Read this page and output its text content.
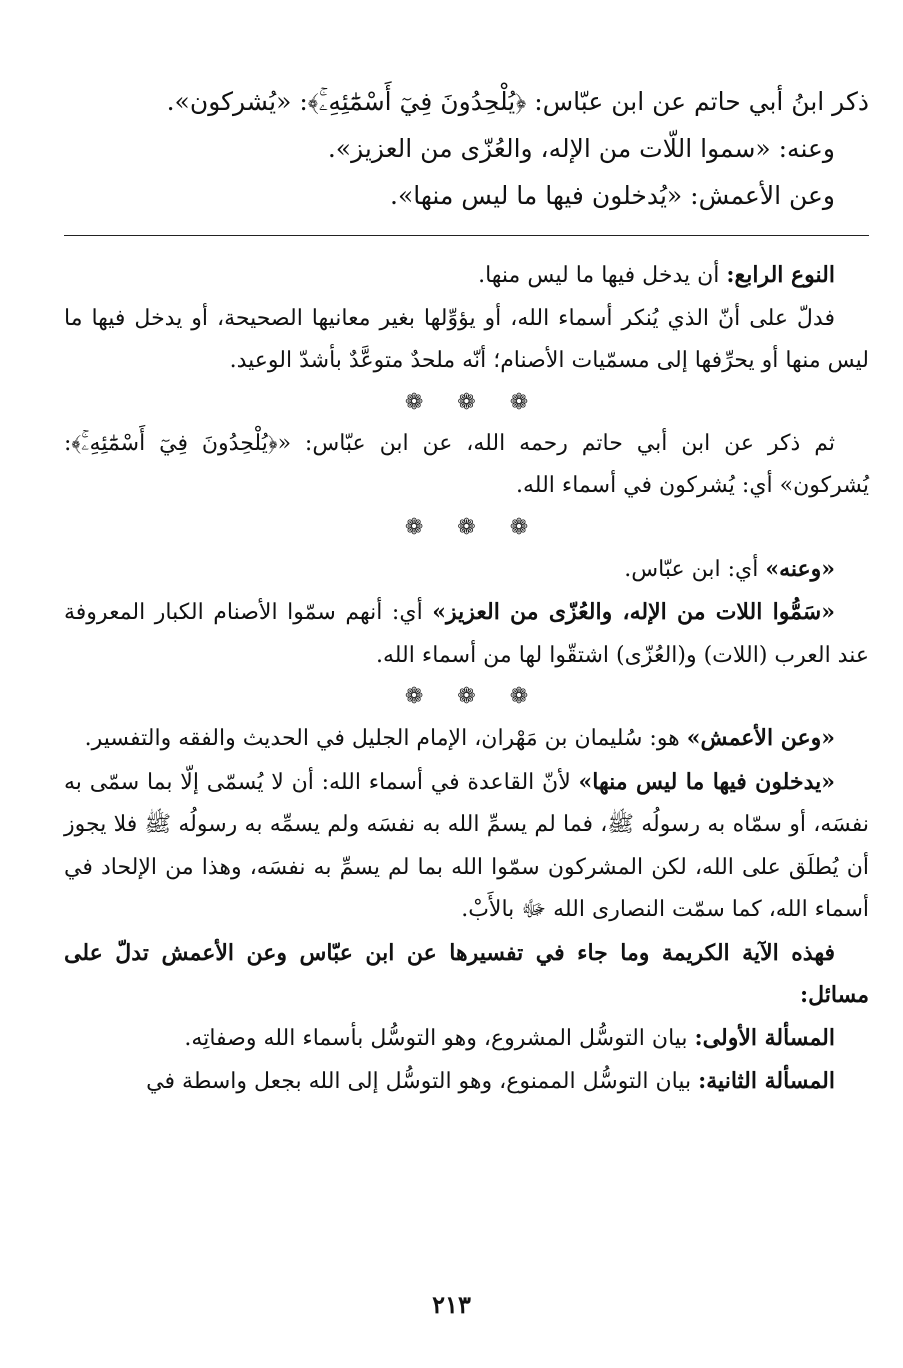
ذكر ابنُ أبي حاتم عن ابن عبّاس: ﴿يُلْحِدُونَ فِيٓ أَسْمَٰٓئِهِۦۚ﴾: «يُشركون».

وعنه: «سموا اللّات من الإله، والعُزّى من العزيز».

وعن الأعمش: «يُدخلون فيها ما ليس منها».

النوع الرابع: أن يدخل فيها ما ليس منها.

فدلّ على أنّ الذي يُنكر أسماء الله، أو يؤوِّلها بغير معانيها الصحيحة، أو يدخل فيها ما ليس منها أو يحرِّفها إلى مسمّيات الأصنام؛ أنّه ملحدٌ متوعَّدٌ بأشدّ الوعيد.

❁ ❁ ❁

ثم ذكر عن ابن أبي حاتم رحمه الله، عن ابن عبّاس: «﴿يُلْحِدُونَ فِيٓ أَسْمَٰٓئِهِۦۚ﴾: يُشركون» أي: يُشركون في أسماء الله.

❁ ❁ ❁

«وعنه» أي: ابن عبّاس.

«سَمُّوا اللات من الإله، والعُزّى من العزيز» أي: أنهم سمّوا الأصنام الكبار المعروفة عند العرب (اللات) و(العُزّى) اشتقّوا لها من أسماء الله.

❁ ❁ ❁

«وعن الأعمش» هو: سُليمان بن مَهْران، الإمام الجليل في الحديث والفقه والتفسير.

«يدخلون فيها ما ليس منها» لأنّ القاعدة في أسماء الله: أن لا يُسمّى إلّا بما سمّى به نفسَه، أو سمّاه به رسولُه ﷺ، فما لم يسمِّ الله به نفسَه ولم يسمِّه به رسولُه ﷺ فلا يجوز أن يُطلَق على الله، لكن المشركون سمّوا الله بما لم يسمِّ به نفسَه، وهذا من الإلحاد في أسماء الله، كما سمّت النصارى الله ﷻ بالأَبْ.

فهذه الآية الكريمة وما جاء في تفسيرها عن ابن عبّاس وعن الأعمش تدلّ على مسائل:

المسألة الأولى: بيان التوسُّل المشروع، وهو التوسُّل بأسماء الله وصفاتِه.

المسألة الثانية: بيان التوسُّل الممنوع، وهو التوسُّل إلى الله بجعل واسطة في

٢١٣
